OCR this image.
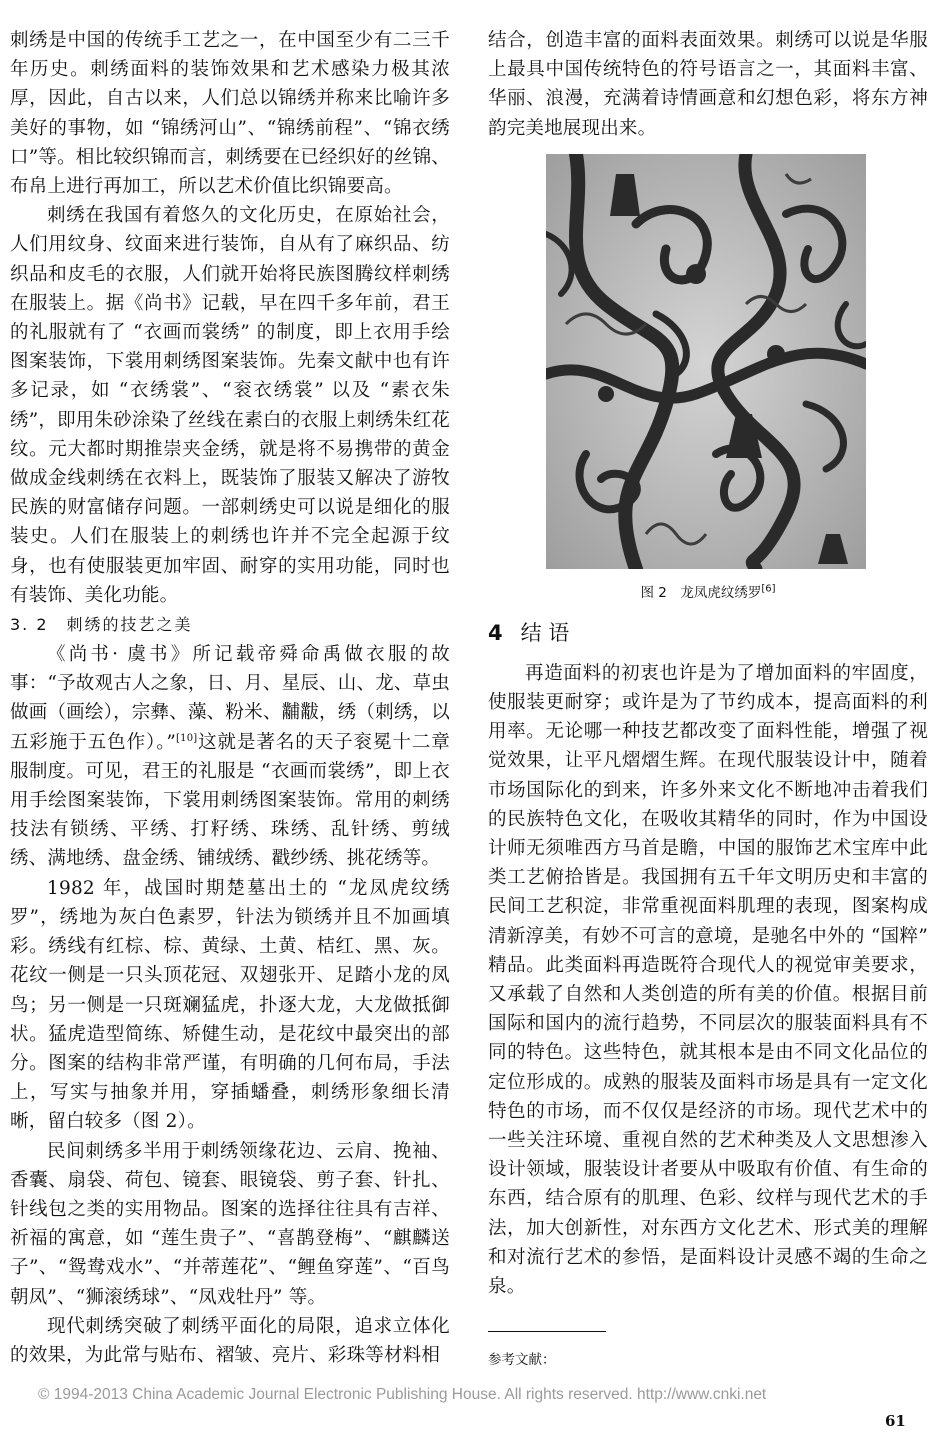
刺绣是中国的传统手工艺之一，在中国至少有二三千年历史。刺绣面料的装饰效果和艺术感染力极其浓厚，因此，自古以来，人们总以锦绣并称来比喻许多美好的事物，如 “锦绣河山”、“锦绣前程”、“锦衣绣口”等。相比较织锦而言，刺绣要在已经织好的丝锦、布帛上进行再加工，所以艺术价值比织锦要高。

刺绣在我国有着悠久的文化历史，在原始社会，人们用纹身、纹面来进行装饰，自从有了麻织品、纺织品和皮毛的衣服，人们就开始将民族图腾纹样刺绣在服装上。据《尚书》记载，早在四千多年前，君王的礼服就有了 “衣画而裳绣” 的制度，即上衣用手绘图案装饰，下裳用刺绣图案装饰。先秦文献中也有许多记录，如 “衣绣裳”、“衮衣绣裳” 以及 “素衣朱绣”，即用朱砂涂染了丝线在素白的衣服上刺绣朱红花纹。元大都时期推崇夹金绣，就是将不易携带的黄金做成金线刺绣在衣料上，既装饰了服装又解决了游牧民族的财富储存问题。一部刺绣史可以说是细化的服装史。人们在服装上的刺绣也许并不完全起源于纹身，也有使服装更加牢固、耐穿的实用功能，同时也有装饰、美化功能。

3. 2　刺绣的技艺之美

《尚书· 虞书》所记载帝舜命禹做衣服的故事：“予故观古人之象，日、月、星辰、山、龙、草虫做画（画绘），宗彝、藻、粉米、黼黻，绣（刺绣，以五彩施于五色作）。”[10]这就是著名的天子衮冕十二章服制度。可见，君王的礼服是 “衣画而裳绣”，即上衣用手绘图案装饰，下裳用刺绣图案装饰。常用的刺绣技法有锁绣、平绣、打籽绣、珠绣、乱针绣、剪绒绣、满地绣、盘金绣、铺绒绣、戳纱绣、挑花绣等。

1982 年，战国时期楚墓出土的 “龙凤虎纹绣罗”，绣地为灰白色素罗，针法为锁绣并且不加画填彩。绣线有红棕、棕、黄绿、土黄、桔红、黑、灰。花纹一侧是一只头顶花冠、双翅张开、足踏小龙的凤鸟；另一侧是一只斑斓猛虎，扑逐大龙，大龙做抵御状。猛虎造型简练、矫健生动，是花纹中最突出的部分。图案的结构非常严谨，有明确的几何布局，手法上，写实与抽象并用，穿插蟠叠，刺绣形象细长清晰，留白较多（图 2）。

民间刺绣多半用于刺绣领缘花边、云肩、挽袖、香囊、扇袋、荷包、镜套、眼镜袋、剪子套、针扎、针线包之类的实用物品。图案的选择往往具有吉祥、祈福的寓意，如 “莲生贵子”、“喜鹊登梅”、“麒麟送子”、“鸳鸯戏水”、“并蒂莲花”、“鲤鱼穿莲”、“百鸟朝凤”、“狮滚绣球”、“凤戏牡丹” 等。

现代刺绣突破了刺绣平面化的局限，追求立体化的效果，为此常与贴布、褶皱、亮片、彩珠等材料相

结合，创造丰富的面料表面效果。刺绣可以说是华服上最具中国传统特色的符号语言之一，其面料丰富、华丽、浪漫，充满着诗情画意和幻想色彩，将东方神韵完美地展现出来。

图 2　龙凤虎纹绣罗[6]
4 结 语

再造面料的初衷也许是为了增加面料的牢固度，使服装更耐穿；或许是为了节约成本，提高面料的利用率。无论哪一种技艺都改变了面料性能，增强了视觉效果，让平凡熠熠生辉。在现代服装设计中，随着市场国际化的到来，许多外来文化不断地冲击着我们的民族特色文化，在吸收其精华的同时，作为中国设计师无须唯西方马首是瞻，中国的服饰艺术宝库中此类工艺俯拾皆是。我国拥有五千年文明历史和丰富的民间工艺积淀，非常重视面料肌理的表现，图案构成清新淳美，有妙不可言的意境，是驰名中外的 “国粹” 精品。此类面料再造既符合现代人的视觉审美要求，又承载了自然和人类创造的所有美的价值。根据目前国际和国内的流行趋势，不同层次的服装面料具有不同的特色。这些特色，就其根本是由不同文化品位的定位形成的。成熟的服装及面料市场是具有一定文化特色的市场，而不仅仅是经济的市场。现代艺术中的一些关注环境、重视自然的艺术种类及人文思想渗入设计领域，服装设计者要从中吸取有价值、有生命的东西，结合原有的肌理、色彩、纹样与现代艺术的手法，加大创新性，对东西方文化艺术、形式美的理解和对流行艺术的参悟，是面料设计灵感不竭的生命之泉。

参考文献：
© 1994-2013 China Academic Journal Electronic Publishing House. All rights reserved. http://www.cnki.net
61
